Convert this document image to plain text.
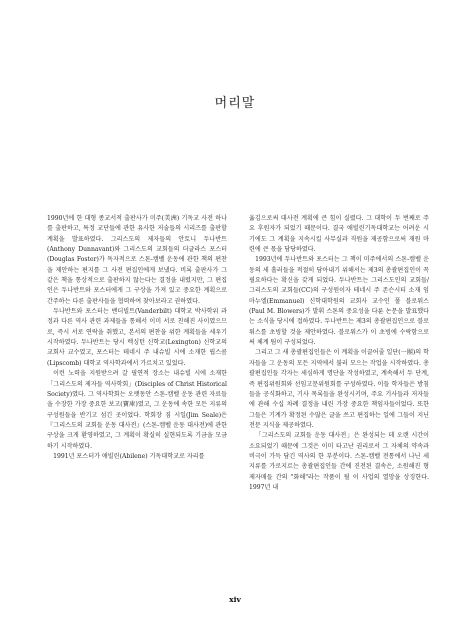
머리말

1990년에 한 대형 종교서적 출판사가 미주(美洲) 기독교 사전 하나를 출판하고, 특정 교단들에 관한 유사한 저술들의 시리즈를 출판할 계획을 발표하였다. 그리스도의 제자들의 안토니 두나반트(Anthony Dunnavant)와 그리스도의 교회들의 더글라스 포스터(Douglas Foster)가 독자적으로 스톤-캠벨 운동에 관한 책의 편찬을 제안하는 편지를 그 사전 편집인에게 보냈다. 비록 출판사가 그 같은 책을 통상적으로 출판하지 않는다는 결정을 내렸지만, 그 편집인은 두나반트와 포스터에게 그 구상을 가져 있고 중요한 계획으로 간주하는 다른 출판사들을 협력하여 찾아보라고 권하였다.

두나반트와 포스터는 밴더빌트(Vanderbilt) 대학교 박사학위 과정과 다른 역사 관련 과제들을 통해서 이미 서로 친해진 사이였으므로, 즉시 서로 연락을 취했고, 본서의 편찬을 위한 계획들을 세우기 시작하였다. 두나반트는 당시 렉싱턴 신학교(Lexington) 신학교의 교회사 교수였고, 포스터는 테네시 주 내슈빌 시에 소재한 립스콤(Lipscomb) 대학교 역사학과에서 가르치고 있었다.

이런 노력을 지원받으려 갈 필연적 장소는 내슈빌 시에 소재한 「그리스도의 제자들 역사학회」(Disciples of Christ Historical Society)였다. 그 역사학회는 오랫동안 스톤-캠벨 운동 관련 자료들을 수장한 가장 중요한 보고(寶庫)였고, 그 운동에 속한 모든 지류의 구성원들을 반기고 섬긴 곳이었다. 학회장 짐 시일(Jim Seale)은 『그리스도의 교회들 운동 대사전』(스톤-캠벨 운동 대사전)에 관한 구상을 크게 환영하였고, 그 계획이 확실히 실현되도록 기금을 모금하기 시작하였다.

1991년 포스터가 애빌린(Abilene) 기독대학교로 자리를

옮김으로써 대사전 계획에 큰 힘이 실렸다. 그 대학이 두 번째로 주요 후원자가 되었기 때문이다. 결국 애빌린기독대학교는 어려운 시기에도 그 계획을 지속시킬 사무실과 직원을 제공함으로써 재원 마련에 큰 몫을 담당하였다.

1993년에 두나반트와 포스터는 그 책이 미주에서의 스톤-캠벨 운동의 세 흘러들을 적절히 담아내기 위해서는 제3의 총괄편집인이 꼭 필요하다는 확신을 갖게 되었다. 두나반트는 그리스도인의 교회들/그리스도의 교회들(CC)의 구성원이자 테네시 주 존슨시티 소재 임마누엘(Emmanuel) 신학대학원의 교회사 교수인 폴 블로워스(Paul M. Blowers)가 발휘 스톤의 중요성을 다룬 논문을 발표했다는 소식을 당시에 접하였다. 두나반트는 제3의 총괄편집인으로 블로워스를 초빙할 것을 제안하였다. 블로워스가 이 초빙에 수락함으로써 체계 팀이 구성되었다.

그리고 그 새 총괄편집인들은 이 계획을 이끌어줄 일단(一團)의 학자들을 그 운동의 모든 지역에서 불러 모으는 작업을 시작하였다. 총괄편집인들 각자는 세심하게 명단을 작성하였고, 계속해서 두 단계, 즉 편집위원회와 선임고문위원회를 구성하였다. 이들 학자들은 방침들을 공식화하고, 기사 목록들을 완성시키며, 주요 기사들과 저자들에 관해 수십 차례 결정을 내린 가장 중요한 책임자들이었다. 또한 그들은 기계가 확정된 수많은 글을 쓰고 편집하는 일에 그들이 지닌 전문 지식을 제공하였다.

「그리스도의 교회들 운동 대사전」은 완성되는 데 오랜 시간이 소요되었기 때문에 그것은 이미 타고난 권리로서 그 자체의 약속과 비극이 가득 담긴 역사의 한 부분이다. 스톤-캠벨 전통에서 나닌 세 지류를 가로지르는 총괄편집인들 간에 진전된 결속은, 소원해진 형제자매들 간의 "화해"라는 작품이 될 이 사업의 열망을 상징한다. 1997년 내

xiv
